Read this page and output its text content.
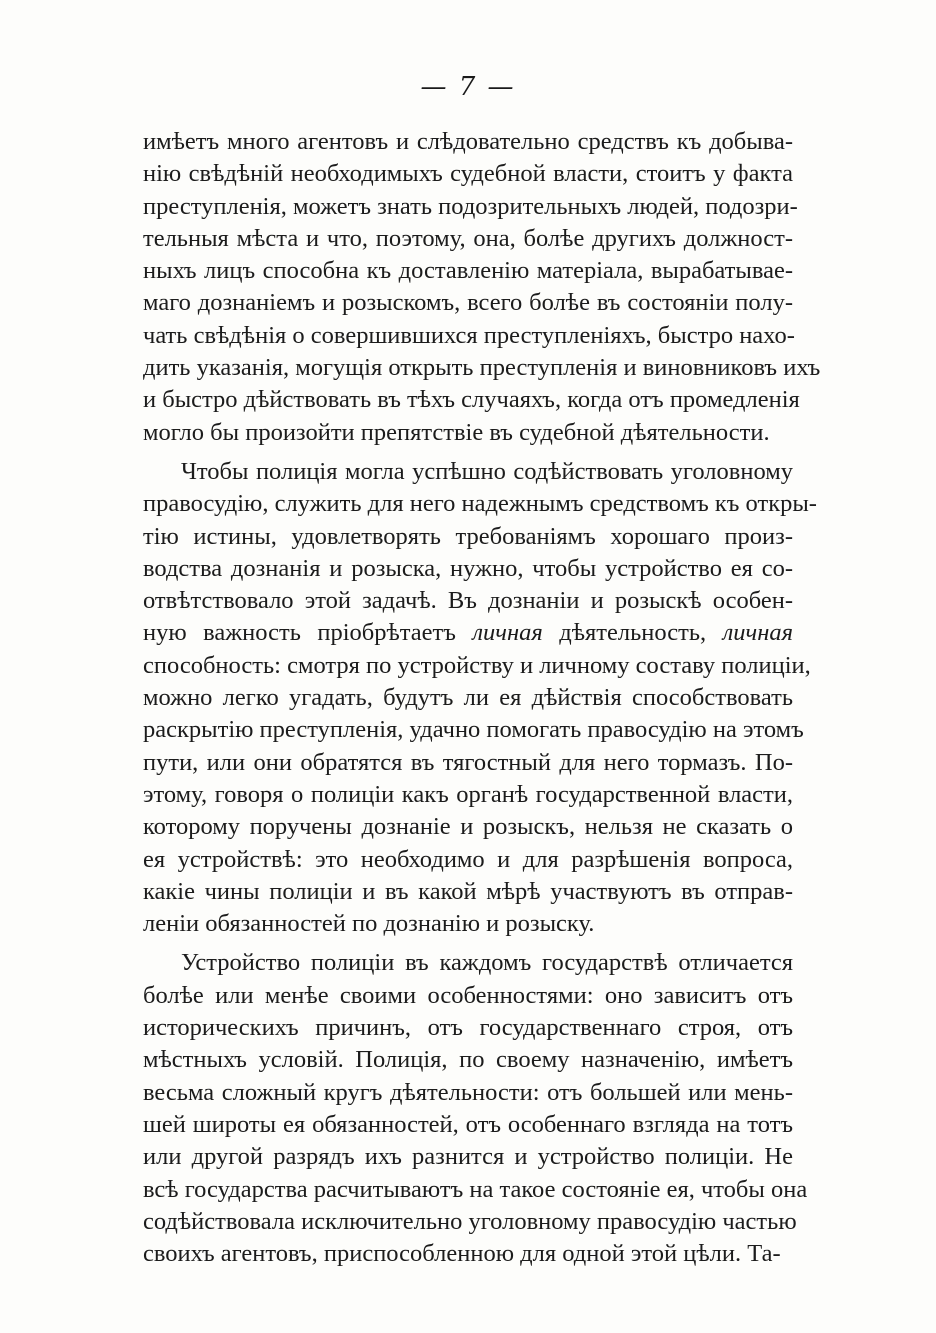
— 7 —
имѣетъ много агентовъ и слѣдовательно средствъ къ добыва-
нію свѣдѣній необходимыхъ судебной власти, стоитъ у факта
преступленія, можетъ знать подозрительныхъ людей, подозри-
тельныя мѣста и что, поэтому, она, болѣе другихъ должност-
ныхъ лицъ способна къ доставленію матеріала, вырабатывае-
маго дознаніемъ и розыскомъ, всего болѣе въ состояніи полу-
чать свѣдѣнія о совершившихся преступленіяхъ, быстро нахо-
дить указанія, могущія открыть преступленія и виновниковъ ихъ
и быстро дѣйствовать въ тѣхъ случаяхъ, когда отъ промедленія
могло бы произойти препятствіе въ судебной дѣятельности.
Чтобы полиція могла успѣшно содѣйствовать уголовному
правосудію, служить для него надежнымъ средствомъ къ откры-
тію истины, удовлетворять требованіямъ хорошаго произ-
водства дознанія и розыска, нужно, чтобы устройство ея со-
отвѣтствовало этой задачѣ. Въ дознаніи и розыскѣ особен-
ную важность пріобрѣтаетъ личная дѣятельность, личная
способность: смотря по устройству и личному составу полиціи,
можно легко угадать, будутъ ли ея дѣйствія способствовать
раскрытію преступленія, удачно помогать правосудію на этомъ
пути, или они обратятся въ тягостный для него тормазъ. По-
этому, говоря о полиціи какъ органѣ государственной власти,
которому поручены дознаніе и розыскъ, нельзя не сказать о
ея устройствѣ: это необходимо и для разрѣшенія вопроса,
какіе чины полиціи и въ какой мѣрѣ участвуютъ въ отправ-
леніи обязанностей по дознанію и розыску.
Устройство полиціи въ каждомъ государствѣ отличается
болѣе или менѣе своими особенностями: оно зависитъ отъ
историческихъ причинъ, отъ государственнаго строя, отъ
мѣстныхъ условій. Полиція, по своему назначенію, имѣетъ
весьма сложный кругъ дѣятельности: отъ большей или мень-
шей широты ея обязанностей, отъ особеннаго взгляда на тотъ
или другой разрядъ ихъ разнится и устройство полиціи. Не
всѣ государства расчитываютъ на такое состояніе ея, чтобы она
содѣйствовала исключительно уголовному правосудію частью
своихъ агентовъ, приспособленною для одной этой цѣли. Та-
